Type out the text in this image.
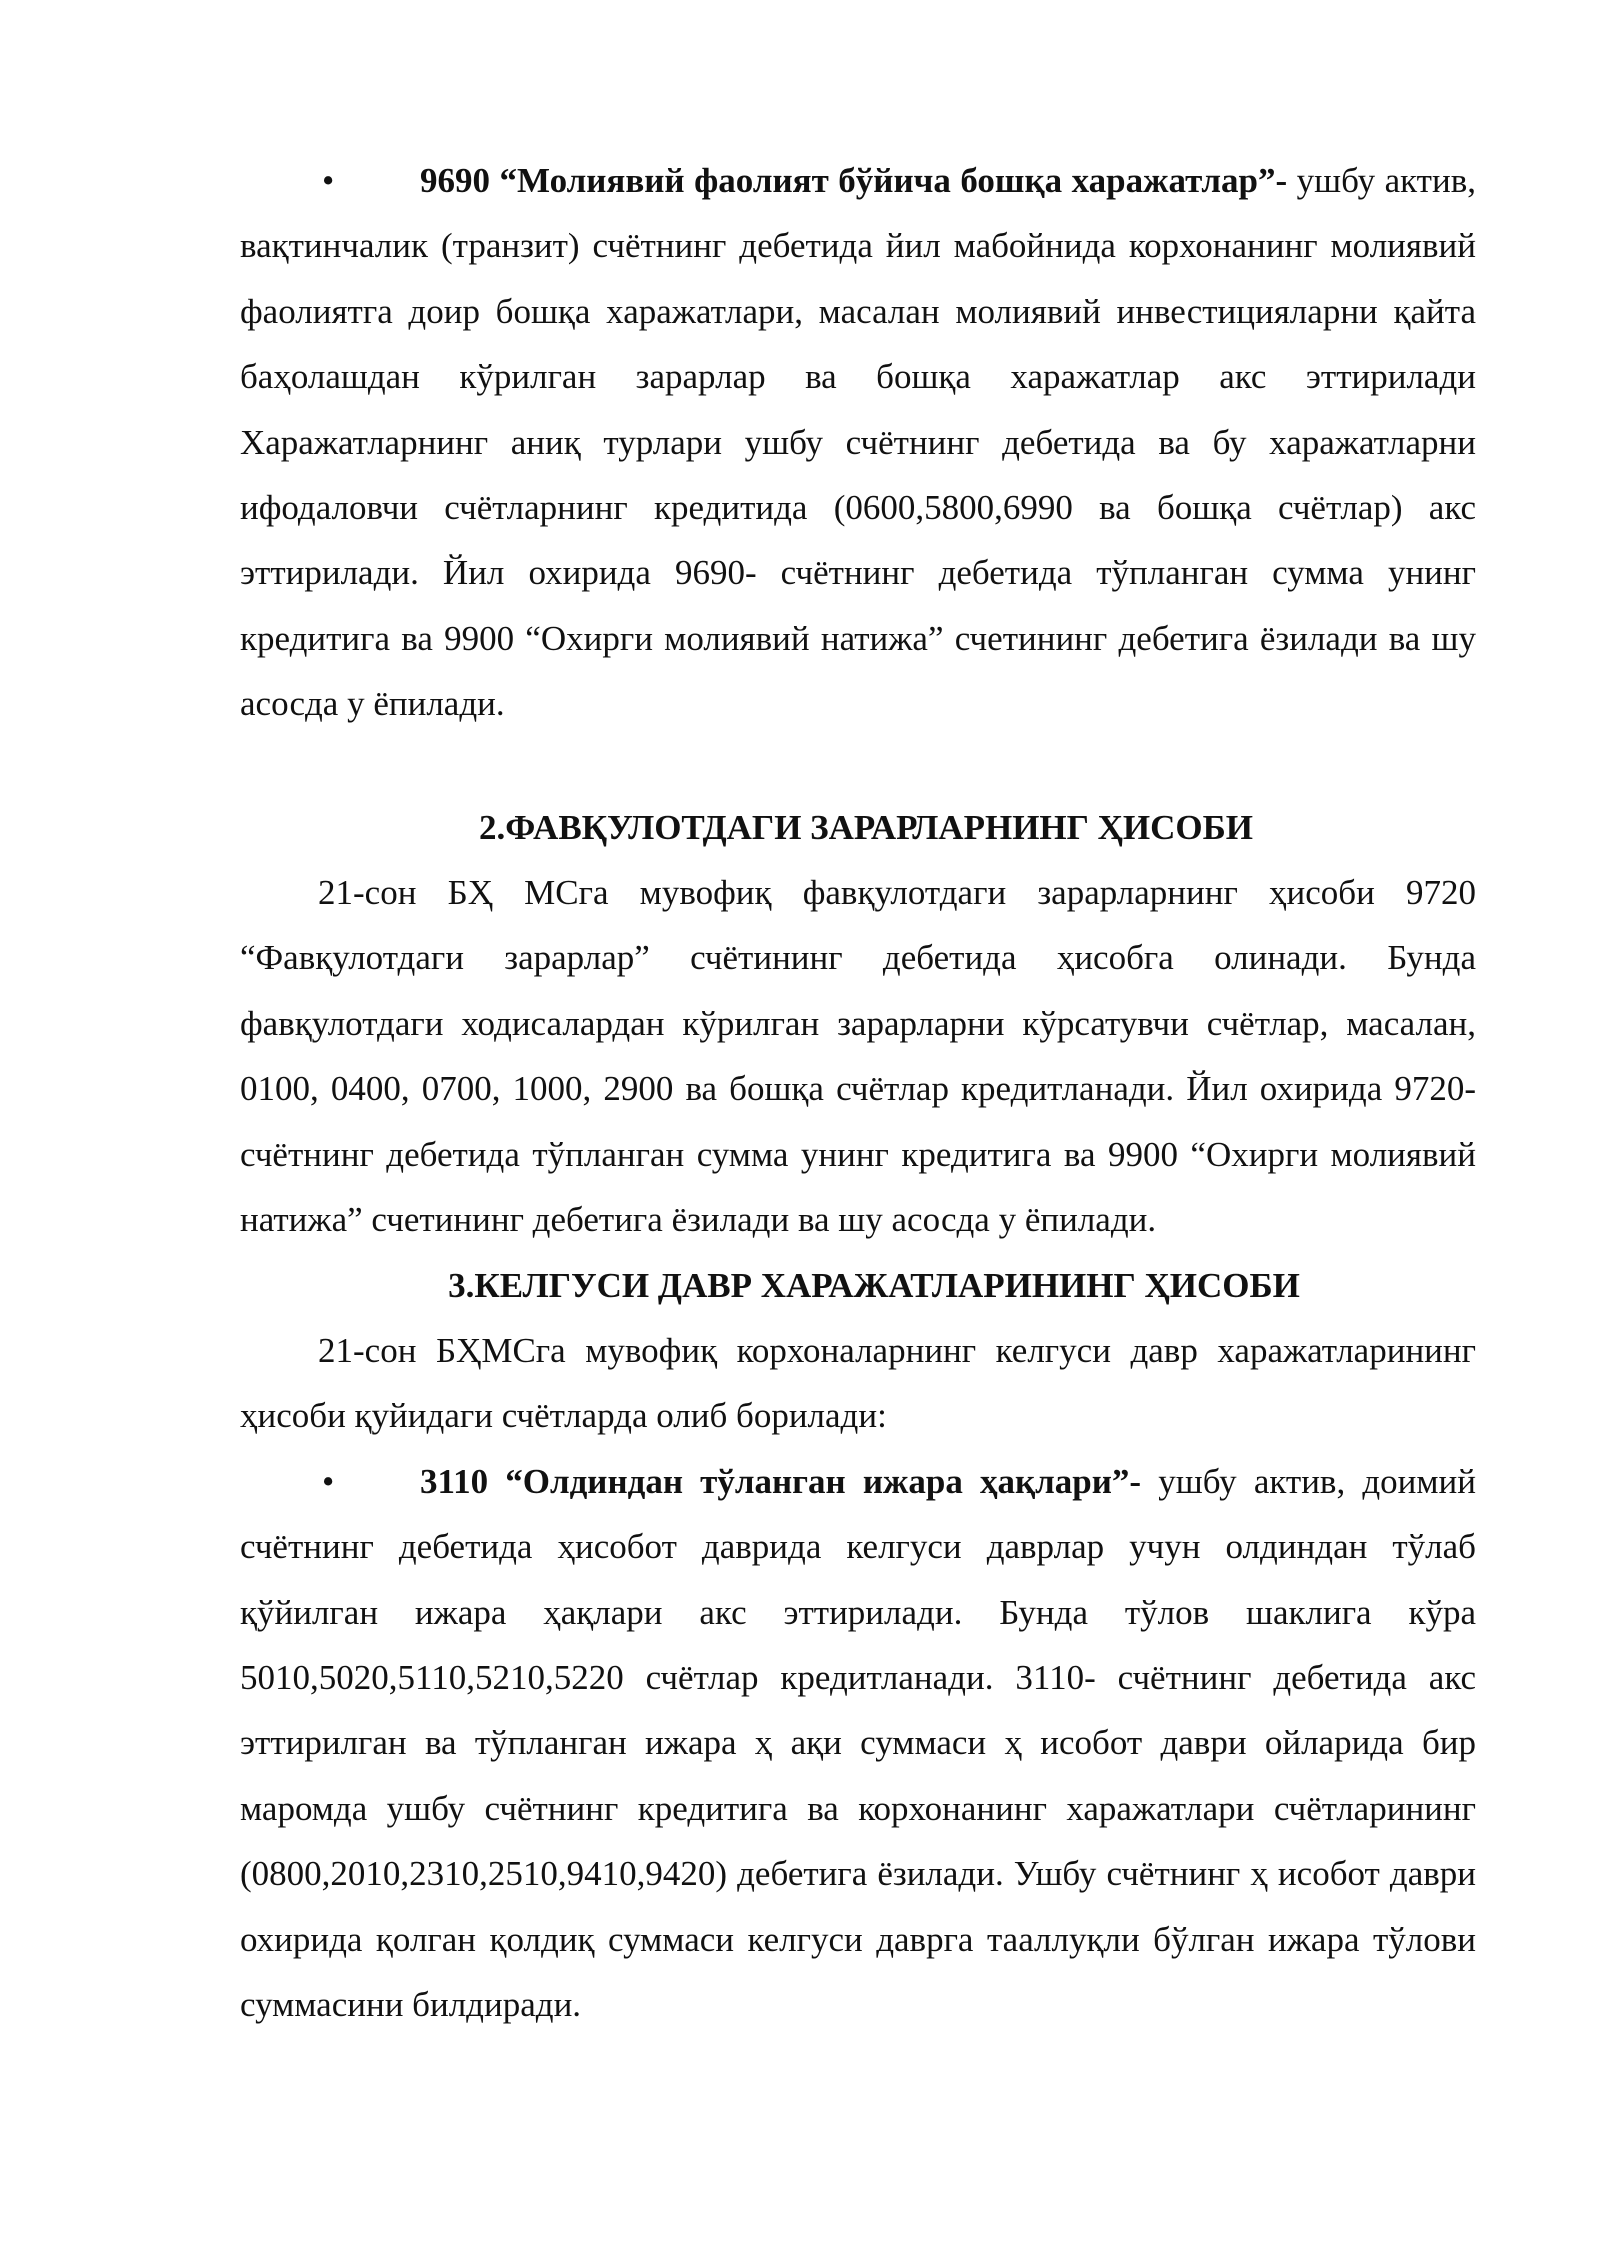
• 9690 “Молиявий фаолият бўйича бошқа харажатлар”- ушбу актив, вақтинчалик (транзит) счётнинг дебетида йил мабойнида корхонанинг молиявий фаолиятга доир бошқа харажатлари, масалан молиявий инвестицияларни қайта баҳолашдан кўрилган зарарлар ва бошқа харажатлар акс эттирилади Харажатларнинг аниқ турлари ушбу счётнинг дебетида ва бу харажатларни ифодаловчи счётларнинг кредитида (0600,5800,6990 ва бошқа счётлар) акс эттирилади. Йил охирида 9690- счётнинг дебетида тўпланган сумма унинг кредитига ва 9900 “Охирги молиявий натижа” счетининг дебетига ёзилади ва шу асосда у ёпилади.

2.ФАВҚУЛОТДАГИ ЗАРАРЛАРНИНГ ҲИСОБИ

21-сон БҲ МСга мувофиқ фавқулотдаги зарарларнинг ҳисоби 9720 “Фавқулотдаги зарарлар” счётининг дебетида ҳисобга олинади. Бунда фавқулотдаги ходисалардан кўрилган зарарларни кўрсатувчи счётлар, масалан, 0100, 0400, 0700, 1000, 2900 ва бошқа счётлар кредитланади. Йил охирида 9720- счётнинг дебетида тўпланган сумма унинг кредитига ва 9900 “Охирги молиявий натижа” счетининг дебетига ёзилади ва шу асосда у ёпилади.

3.КЕЛГУСИ ДАВР ХАРАЖАТЛАРИНИНГ ҲИСОБИ

21-сон БҲМСга мувофиқ корхоналарнинг келгуси давр харажатларининг ҳисоби қуйидаги счётларда олиб борилади:

• 3110 “Олдиндан тўланган ижара ҳақлари”- ушбу актив, доимий счётнинг дебетида ҳисобот даврида келгуси даврлар учун олдиндан тўлаб қўйилган ижара ҳақлари акс эттирилади. Бунда тўлов шаклига кўра 5010,5020,5110,5210,5220 счётлар кредитланади. 3110- счётнинг дебетида акс эттирилган ва тўпланган ижара ҳ ақи суммаси ҳ исобот даври ойларида бир маромда ушбу счётнинг кредитига ва корхонанинг харажатлари счётларининг (0800,2010,2310,2510,9410,9420) дебетига ёзилади. Ушбу счётнинг ҳ исобот даври охирида қолган қолдиқ суммаси келгуси даврга тааллуқли бўлган ижара тўлови суммасини билдиради.
